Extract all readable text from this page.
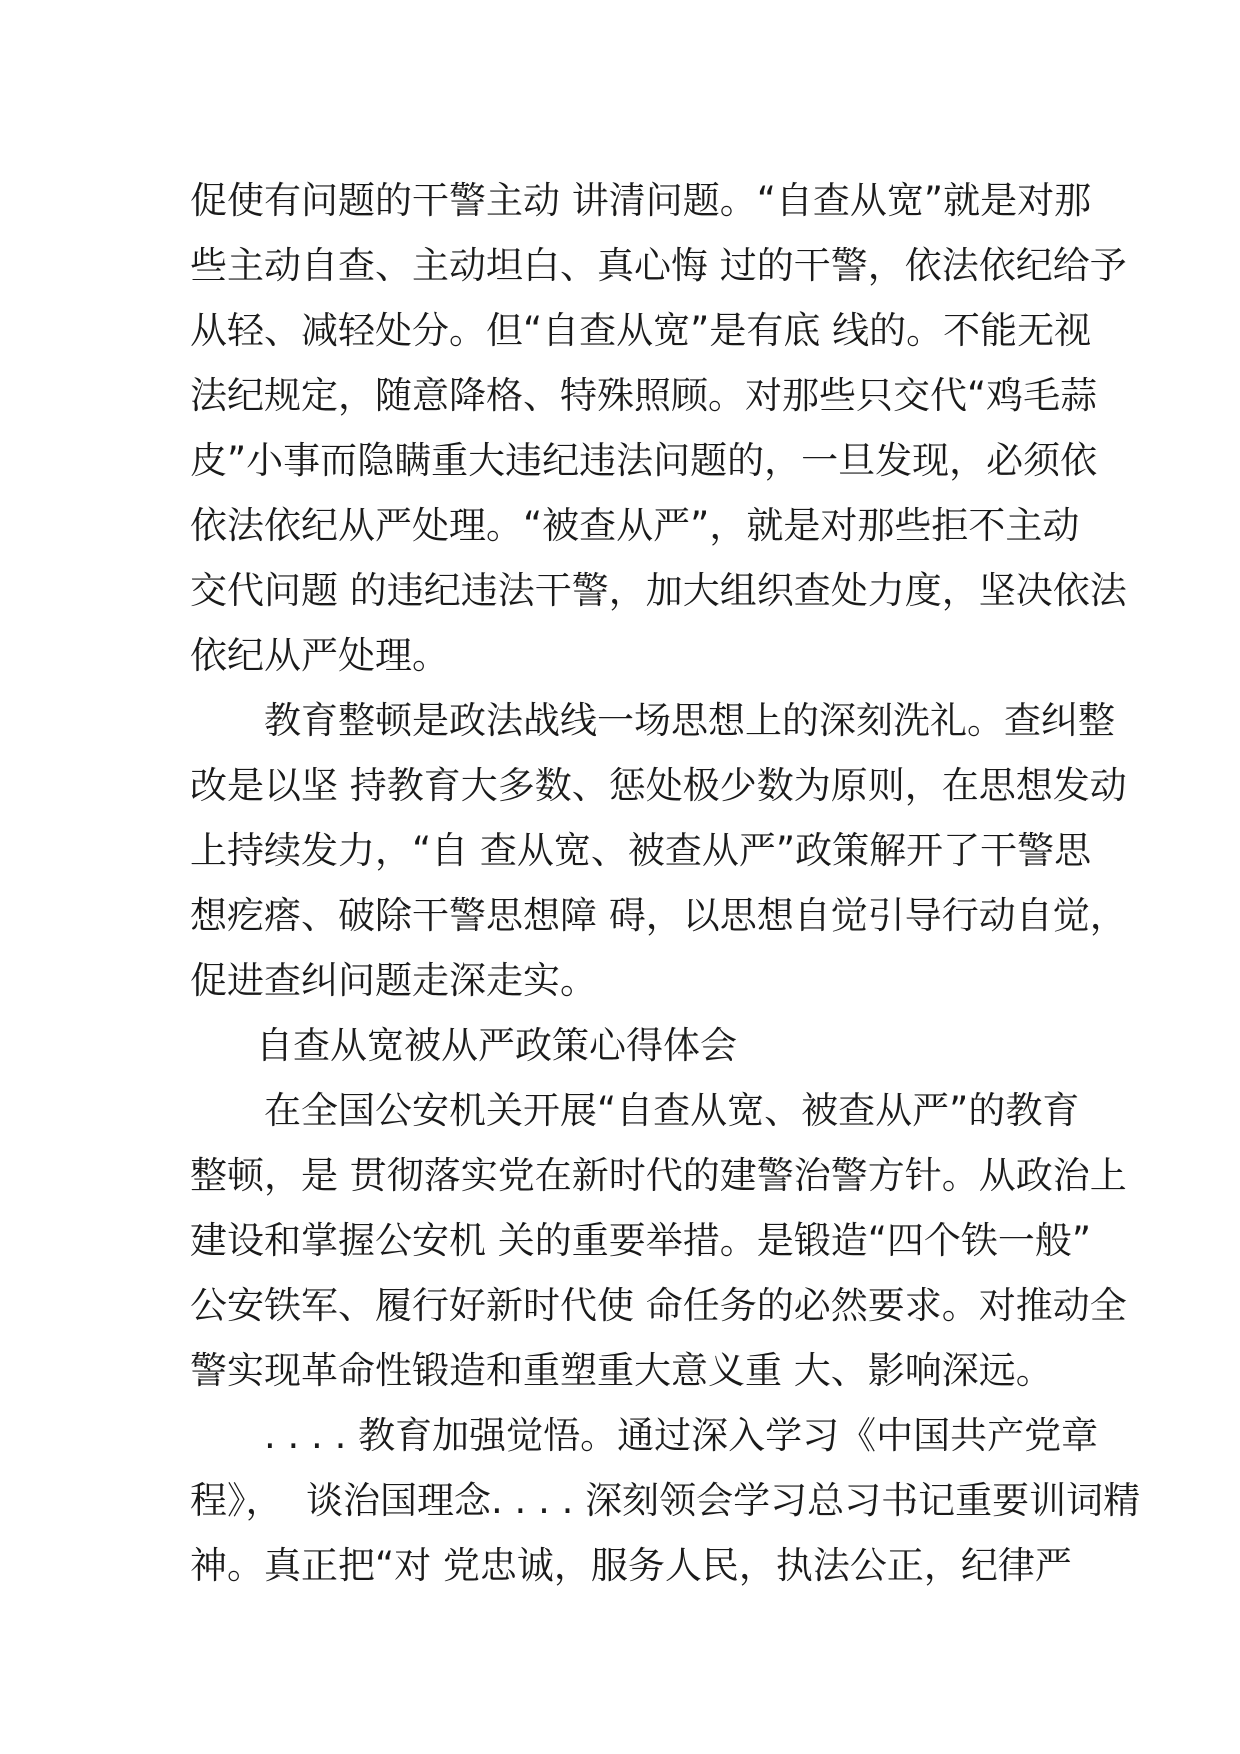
促使有问题的干警主动 讲清问题。“自查从宽”就是对那
些主动自查、主动坦白、真心悔 过的干警，依法依纪给予
从轻、减轻处分。但“自查从宽”是有底 线的。不能无视
法纪规定，随意降格、特殊照顾。对那些只交代“鸡毛蒜
皮”小事而隐瞒重大违纪违法问题的，一旦发现，必须依
依法依纪从严处理。“被查从严”，就是对那些拒不主动
交代问题 的违纪违法干警，加大组织查处力度，坚决依法
依纪从严处理。
　　教育整顿是政法战线一场思想上的深刻洗礼。查纠整
改是以坚 持教育大多数、惩处极少数为原则，在思想发动
上持续发力，“自 查从宽、被查从严”政策解开了干警思
想疙瘩、破除干警思想障 碍，以思想自觉引导行动自觉，
促进查纠问题走深走实。
自查从宽被从严政策心得体会
　　在全国公安机关开展“自查从宽、被查从严”的教育
整顿，是 贯彻落实党在新时代的建警治警方针。从政治上
建设和掌握公安机 关的重要举措。是锻造“四个铁一般”
公安铁军、履行好新时代使 命任务的必然要求。对推动全
警实现革命性锻造和重塑重大意义重 大、影响深远。
　　. . . . 教育加强觉悟。通过深入学习《中国共产党章
程》，  谈治国理念. . . . 深刻领会学习总习书记重要训词精
神。真正把“对 党忠诚，服务人民，执法公正，纪律严
